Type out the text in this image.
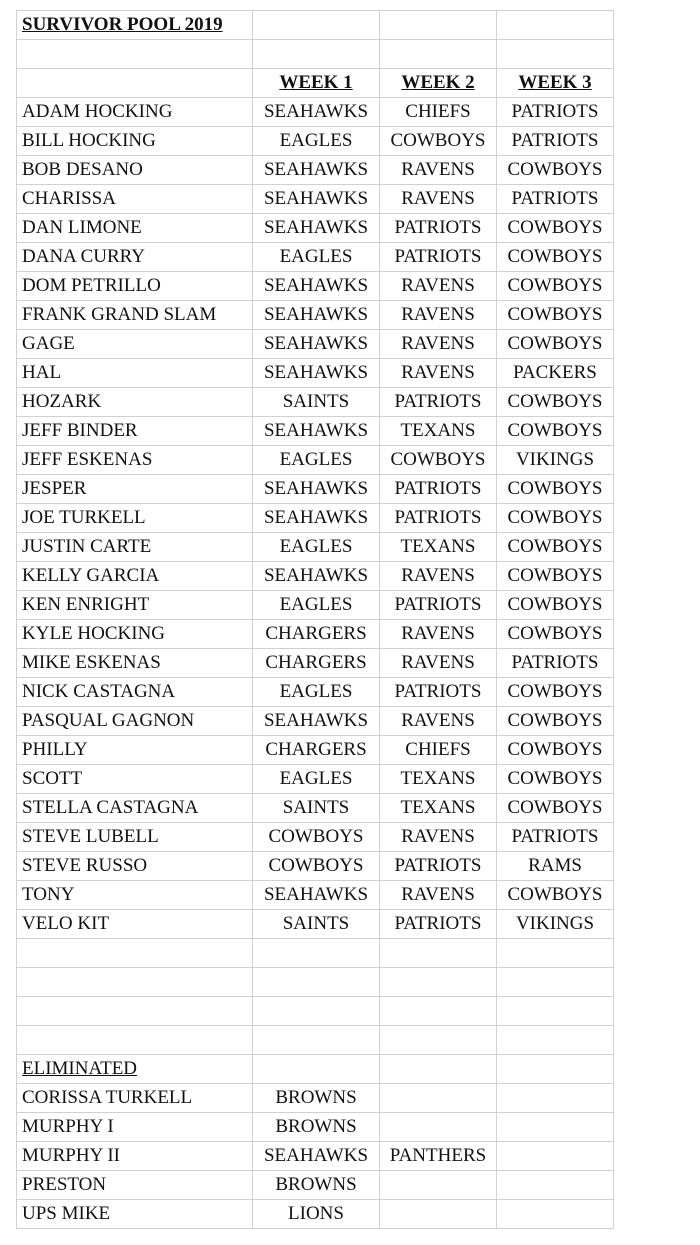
SURVIVOR POOL 2019			

	WEEK 1	WEEK 2	WEEK 3
ADAM HOCKING	SEAHAWKS	CHIEFS	PATRIOTS
BILL HOCKING	EAGLES	COWBOYS	PATRIOTS
BOB DESANO	SEAHAWKS	RAVENS	COWBOYS
CHARISSA	SEAHAWKS	RAVENS	PATRIOTS
DAN LIMONE	SEAHAWKS	PATRIOTS	COWBOYS
DANA CURRY	EAGLES	PATRIOTS	COWBOYS
DOM PETRILLO	SEAHAWKS	RAVENS	COWBOYS
FRANK GRAND SLAM	SEAHAWKS	RAVENS	COWBOYS
GAGE	SEAHAWKS	RAVENS	COWBOYS
HAL	SEAHAWKS	RAVENS	PACKERS
HOZARK	SAINTS	PATRIOTS	COWBOYS
JEFF BINDER	SEAHAWKS	TEXANS	COWBOYS
JEFF ESKENAS	EAGLES	COWBOYS	VIKINGS
JESPER	SEAHAWKS	PATRIOTS	COWBOYS
JOE TURKELL	SEAHAWKS	PATRIOTS	COWBOYS
JUSTIN CARTE	EAGLES	TEXANS	COWBOYS
KELLY GARCIA	SEAHAWKS	RAVENS	COWBOYS
KEN ENRIGHT	EAGLES	PATRIOTS	COWBOYS
KYLE HOCKING	CHARGERS	RAVENS	COWBOYS
MIKE ESKENAS	CHARGERS	RAVENS	PATRIOTS
NICK CASTAGNA	EAGLES	PATRIOTS	COWBOYS
PASQUAL GAGNON	SEAHAWKS	RAVENS	COWBOYS
PHILLY	CHARGERS	CHIEFS	COWBOYS
SCOTT	EAGLES	TEXANS	COWBOYS
STELLA CASTAGNA	SAINTS	TEXANS	COWBOYS
STEVE LUBELL	COWBOYS	RAVENS	PATRIOTS
STEVE RUSSO	COWBOYS	PATRIOTS	RAMS
TONY	SEAHAWKS	RAVENS	COWBOYS
VELO KIT	SAINTS	PATRIOTS	VIKINGS

ELIMINATED			
CORISSA TURKELL	BROWNS		
MURPHY I	BROWNS		
MURPHY II	SEAHAWKS	PANTHERS	
PRESTON	BROWNS		
UPS MIKE	LIONS		
